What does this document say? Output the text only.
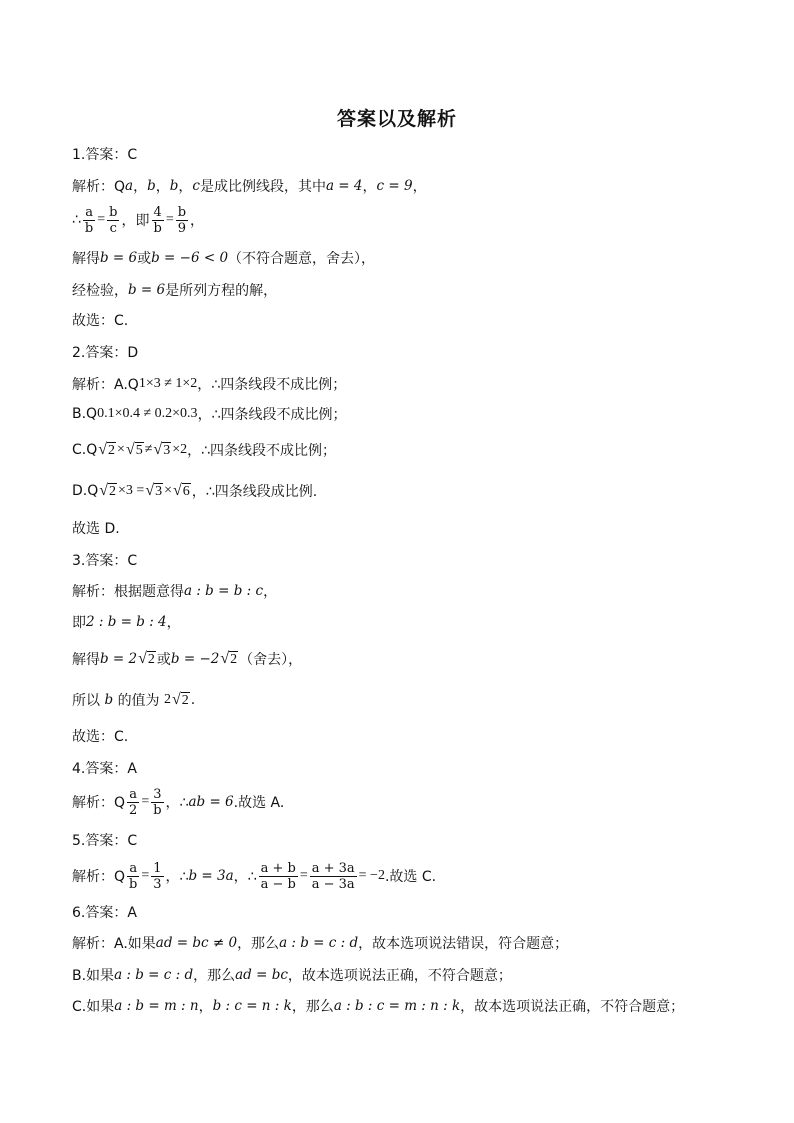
答案以及解析
1.答案：C
解析：Q a ， b ， b ， c 是成比例线段，其中 a = 4 ， c = 9 ，
∴ $\frac{a}{b} = \frac{b}{c}$ ，即 $\frac{4}{b} = \frac{b}{9}$ ，
解得 b = 6 或 b = −6 < 0 （不符合题意，舍去），
经检验， b = 6 是所列方程的解，
故选：C.
2.答案：D
解析：A.Q 1×3 ≠ 1×2 ，∴四条线段不成比例；
B.Q 0.1×0.4 ≠ 0.2×0.3 ，∴四条线段不成比例；
C.Q √ 2 × √ 5 ≠ √ 3 ×2 ，∴四条线段不成比例；
D.Q √ 2 ×3 = √ 3 × √ 6 ，∴四条线段成比例.
故选 D.
3.答案：C
解析：根据题意得 a : b = b : c ，
即 2 : b = b : 4 ，
解得 b = 2 √ 2 或 b = −2 √ 2 （舍去），
所以
b
的值为
2 √ 2 .
故选：C.
4.答案：A
解析：Q $\frac{a}{2} = \frac{3}{b}$ ，∴ ab = 6 .故选 A.
5.答案：C
解析：Q $\frac{a}{b} = \frac{1}{3}$ ，∴ b = 3a ，∴ $\frac{a + b}{a - b} = \frac{a + 3a}{a - 3a} = -2$ .故选 C.
6.答案：A
解析：A.如果 ad = bc ≠ 0 ，那么 a : b = c : d ，故本选项说法错误，符合题意；
B.如果 a : b = c : d ，那么 ad = bc ，故本选项说法正确，不符合题意；
C.如果 a : b = m : n ， b : c = n : k ，那么 a : b : c = m : n : k ，故本选项说法正确，不符合题意；
